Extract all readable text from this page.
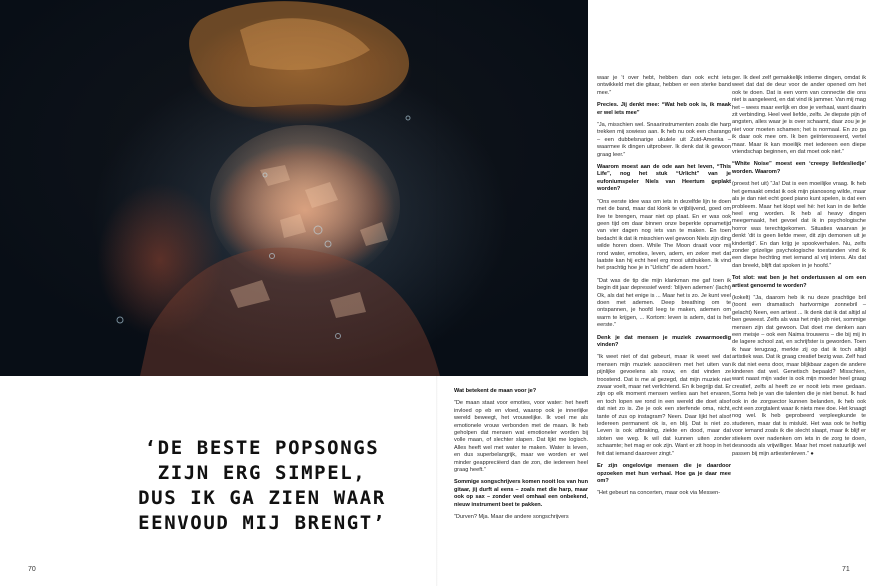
‘DE BESTE POPSONGS
ZIJN ERG SIMPEL,
DUS IK GA ZIEN WAAR
EENVOUD MIJ BRENGT’

Wat betekent de maan voor je?

“De maan staat voor emoties, voor water: het heeft invloed op eb en vloed, waarop ook je innerlijke wereld beweegt, het vrouwelijke. Ik voel me als emotionele vrouw verbonden met de maan. Ik heb geholpen dat mensen wat emotioneler worden bij volle maan, of slechter slapen. Dat lijkt me logisch. Alles heeft wel met water te maken. Water is leven, en dus superbelangrijk, maar we worden er wel minder geappreciëerd dan de zon, die iedereen heel graag heeft.”

Sommige songschrijvers komen nooit los van hun gitaar, jij durft al eens – zoals met die harp, maar ook op sax – zonder veel omhaal een onbekend, nieuw instrument beet te pakken.

“Durven? Mja. Maar die andere songschrijvers

waar je ’t over hebt, hebben dan ook echt iets ontwikkeld met die gitaar, hebben er een sterke band mee.”

Precies. Jij denkt mee: “Wat heb ook is, ik maak er wel iets mee”

“Ja, misschien wel. Snaarinstrumenten zoals die harp trekken mij sowieso aan. Ik heb nu ook een charango – een dubbelsnarige ukulele uit Zuid-Amerika – waarmee ik dingen uitprobeer. Ik denk dat ik gewoon graag leer.”

Waarom moest aan de ode aan het leven, “This Life”, nog het stuk “Urlicht” van je eufoniumspeler Niels van Heertum geplakt worden?

“Ons eerste idee was om iets in dezelfde lijn te doen met de band, maar dat klonk te vrijblijvend, goed om live te brengen, maar niet op plaat. En er was ook geen tijd om daar binnen onze beperkte opnametijd van vier dagen nog iets van te maken. En toen bedacht ik dat ik misschien wel gewoon Niels zijn ding wilde horen doen. While The Moon draait voor mij rond water, emoties, leven, adem, en zeker met dat laatste kan hij echt heel erg mooi uitdrukken. Ik vind het prachtig hoe je in “Urlicht” de adem hoort.”

“Dat was de tip die mijn klankman me gaf toen ik begin dit jaar depressief werd: ‘blijven ademen’ (lacht) Ok, als dat het enige is ... Maar het is zo. Je kunt veel doen met ademen. Deep breathing om te ontspannen, je hoofd leeg te maken, ademen om warm te krijgen, ... Kortom: leven is adem, dat is het eerste.”

Denk je dat mensen je muziek zwaarmoedig vinden?

“Ik weet niet of dat gebeurt, maar ik weet wel dat mensen mijn muziek associëren met het uiten van pijnlijke gevoelens als rouw, en dat vinden ze troostend. Dat is me al gezegd, dat mijn muziek niet zwaar voelt, maar net verlichtend. En ik begrijp dat. Er zijn op elk moment mensen verlies aan het ervaren, en toch lopen we rond in een wereld die doet alsof dat niet zo is. Zie je ook een sterfende oma, nicht, tante of zus op instagram? Neen. Daar lijkt het alsof iedereen permanent ok is, en blij. Dat is niet zo. Leven is ook afbraking, ziekte en dood, maar dat sloten we weg. Ik wil dat kunnen uiten zonder schaamte; het mag er ook zijn. Want er zit hoop in het feit dat iemand daarover zingt.”

Er zijn ongelovige mensen die je daardoor opzoeken met hun verhaal. Hoe ga je daar mee om?

“Het gebeurt na concerten, maar ook via Messen-

ger. Ik deel zelf gemakkelijk intieme dingen, omdat ik weet dat dat de deur voor de ander opened om het ook te doen. Dat is een vorm van connectie die ons niet is aangeleerd, en dat vind ik jammer. Van mij mag het – wees maar eerlijk en doe je verhaal, want daarin zit verbinding. Heel veel liefde, zelfs. Je diepste pijn of angsten, alles waar je is over schaamt, daar zou je je niet voor moeten schamen; het is normaal. En zo ga ik daar ook mee om. Ik ben geïnteresseerd, vertel maar. Maar ik kan moeilijk met iedereen een diepe vriendschap beginnen, en dat moet ook niet.”

“White Noise” moest een ‘creepy liefdesliedje’ worden. Waarom?

(proest het uit) “Ja! Dat is een moeilijke vraag. Ik heb het gemaakt omdat ik ook mijn pianosong wilde, maar als je dan niet echt goed piano kunt spelen, is dat een probleem. Maar het klopt wel hè: het kan in de liefde heel eng worden. Ik heb al heavy dingen meegemaakt, het gevoel dat ik in psychologische horror was terechtgekomen. Situaties waarvan je denkt ‘dit is geen liefde meer, dit zijn demonen uit je kindertijd’. En dan krijg je spookverhalen. Nu, zelfs zonder grizelige psychologische toestanden vind ik een diepe hechting met iemand al vrij intens. Als dat dan breekt, blijft dat spoken in je hoofd.”

Tot slot: wat ben je het ondertussen al om een artiest genoemd te worden?

(kokelt) “Ja, daarom heb ik nu deze prachtige bril (toont een dramatisch hartvormige zonnebril – gelacht) Neen, een artiest ... Ik denk dat ik dat altijd al ben geweest. Zelfs als was het mijn job niet, sommige mensen zijn dat gewoon. Dat doet me denken aan een meisje – ook een Naima trouwens – die bij mij in de lagere school zat, en schrijfster is geworden. Toen ik haar terugzag, merkte zij op dat ik toch altijd artistiek was. Dat ik graag creatief bezig was. Zelf had ik dat niet eens door, maar blijkbaar zagen de andere kinderen dat wel. Genetisch bepaald? Misschien, want naast mijn vader is ook mijn moeder heel graag creatief, zelfs al heeft ze er nooit iets mee gedaan. Soms heb je van die talenten die je niet benut. Ik had ook in de zorgsector kunnen belanden, ik heb ook echt een zorgtalent waar ik niets mee doe. Het knaagt nog wel. Ik heb geprobeerd verpleegkunde te studeren, maar dat is mislukt. Het was ook te heftig voor iemand zoals ik die slecht slaapt, maar ik blijf er stiekem over nadenken om iets in de zorg te doen, desnoods als vrijwilliger. Maar het moet natuurlijk wel passen bij mijn artiestenleven.” ●

70	71
